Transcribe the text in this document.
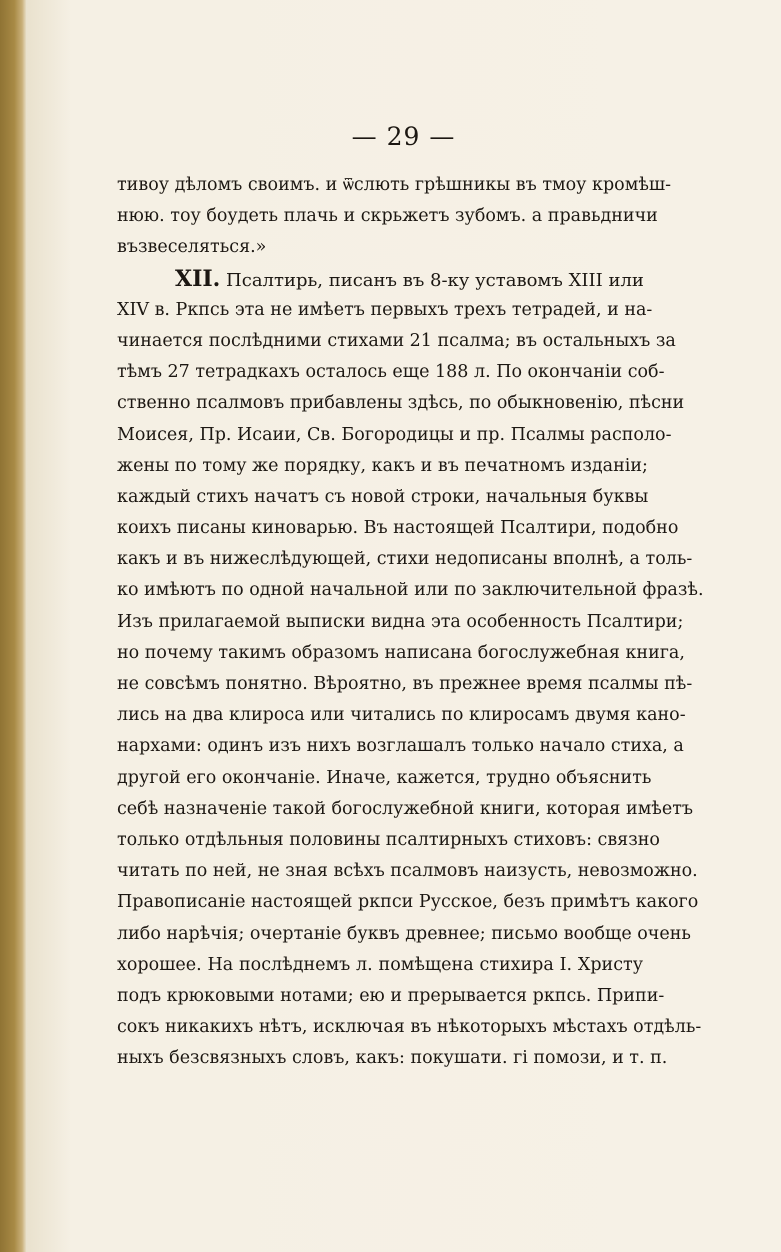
— 29 —
тивоу дѣломъ своимъ. и ѿслють грѣшникы въ тмоу кромѣш-
нюю. тоу боудеть плачь и скрьжетъ зубомъ. а правьдничи
възвеселяться.»
XII. Псалтирь, писанъ въ 8-ку уставомъ XIII или
XIV в. Ркпсь эта не имѣетъ первыхъ трехъ тетрадей, и на-
чинается послѣдними стихами 21 псалма; въ остальныхъ за
тѣмъ 27 тетрадкахъ осталось еще 188 л. По окончаніи соб-
ственно псалмовъ прибавлены здѣсь, по обыкновенію, пѣсни
Моисея, Пр. Исаии, Св. Богородицы и пр. Псалмы располо-
жены по тому же порядку, какъ и въ печатномъ изданіи;
каждый стихъ начатъ съ новой строки, начальныя буквы
коихъ писаны киноварью. Въ настоящей Псалтири, подобно
какъ и въ нижеслѣдующей, стихи недописаны вполнѣ, а толь-
ко имѣютъ по одной начальной или по заключительной фразѣ.
Изъ прилагаемой выписки видна эта особенность Псалтири;
но почему такимъ образомъ написана богослужебная книга,
не совсѣмъ понятно. Вѣроятно, въ прежнее время псалмы пѣ-
лись на два клироса или читались по клиросамъ двумя кано-
нархами: одинъ изъ нихъ возглашалъ только начало стиха, а
другой его окончаніе. Иначе, кажется, трудно объяснить
себѣ назначеніе такой богослужебной книги, которая имѣетъ
только отдѣльныя половины псалтирныхъ стиховъ: связно
читать по ней, не зная всѣхъ псалмовъ наизусть, невозможно.
Правописаніе настоящей ркпси Русское, безъ примѣтъ какого
либо нарѣчія; очертаніе буквъ древнее; письмо вообще очень
хорошее. На послѣднемъ л. помѣщена стихира І. Христу
подъ крюковыми нотами; ею и прерывается ркпсь. Припи-
сокъ никакихъ нѣтъ, исключая въ нѣкоторыхъ мѣстахъ отдѣль-
ныхъ безсвязныхъ словъ, какъ: покушати. гі помози, и т. п.
